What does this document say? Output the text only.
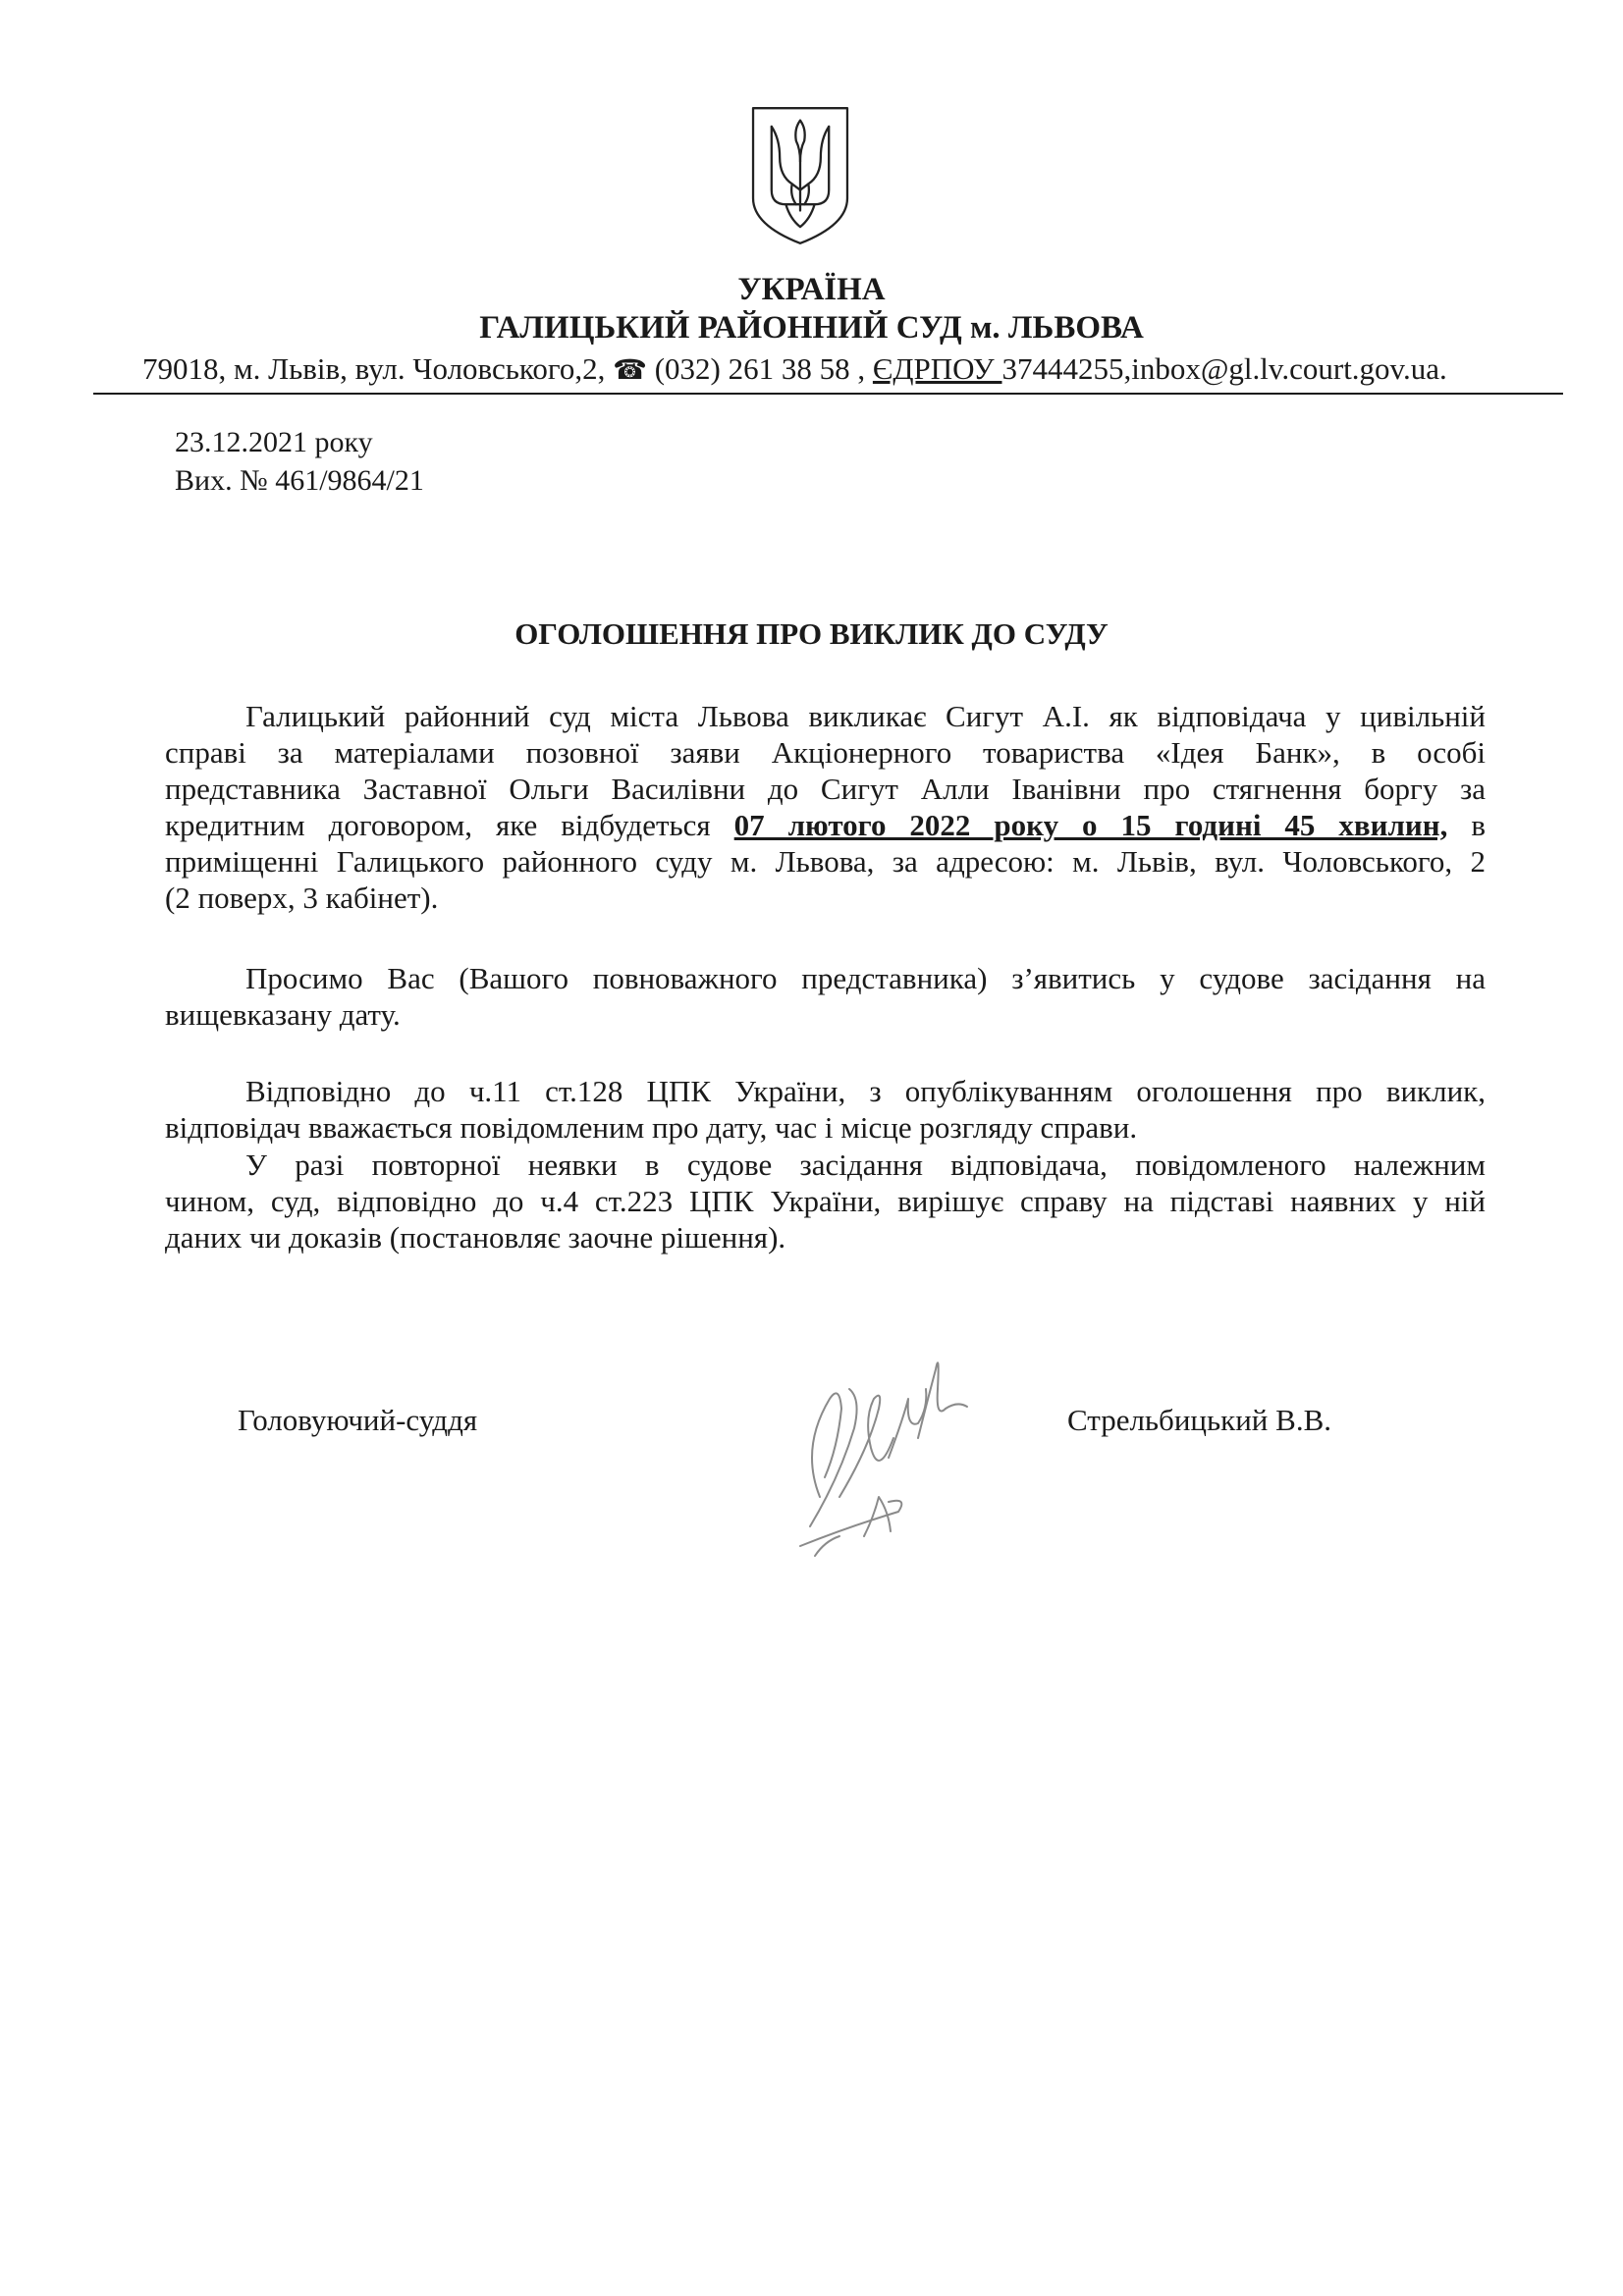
УКРАЇНА
ГАЛИЦЬКИЙ РАЙОННИЙ СУД м. ЛЬВОВА
79018, м. Львів, вул. Чоловського,2, ☎ (032) 261 38 58 , ЄДРПОУ 37444255,inbox@gl.lv.court.gov.ua.
23.12.2021 року
Вих. № 461/9864/21
ОГОЛОШЕННЯ ПРО ВИКЛИК ДО СУДУ
Галицький районний суд міста Львова викликає Сигут А.І. як відповідача у цивільній
справі за матеріалами позовної заяви Акціонерного товариства «Ідея Банк», в особі
представника Заставної Ольги Василівни до Сигут Алли Іванівни про стягнення боргу за
кредитним договором, яке відбудеться 07 лютого 2022 року о 15 годині 45 хвилин, в
приміщенні Галицького районного суду м. Львова, за адресою: м. Львів, вул. Чоловського, 2
(2 поверх, 3 кабінет).
Просимо Вас (Вашого повноважного представника) з’явитись у судове засідання на
вищевказану дату.
Відповідно до ч.11 ст.128 ЦПК України, з опублікуванням оголошення про виклик,
відповідач вважається повідомленим про дату, час і місце розгляду справи.
У разі повторної неявки в судове засідання відповідача, повідомленого належним
чином, суд, відповідно до ч.4 ст.223 ЦПК України, вирішує справу на підставі наявних у ній
даних чи доказів (постановляє заочне рішення).
Головуючий-суддя	Стрельбицький В.В.
